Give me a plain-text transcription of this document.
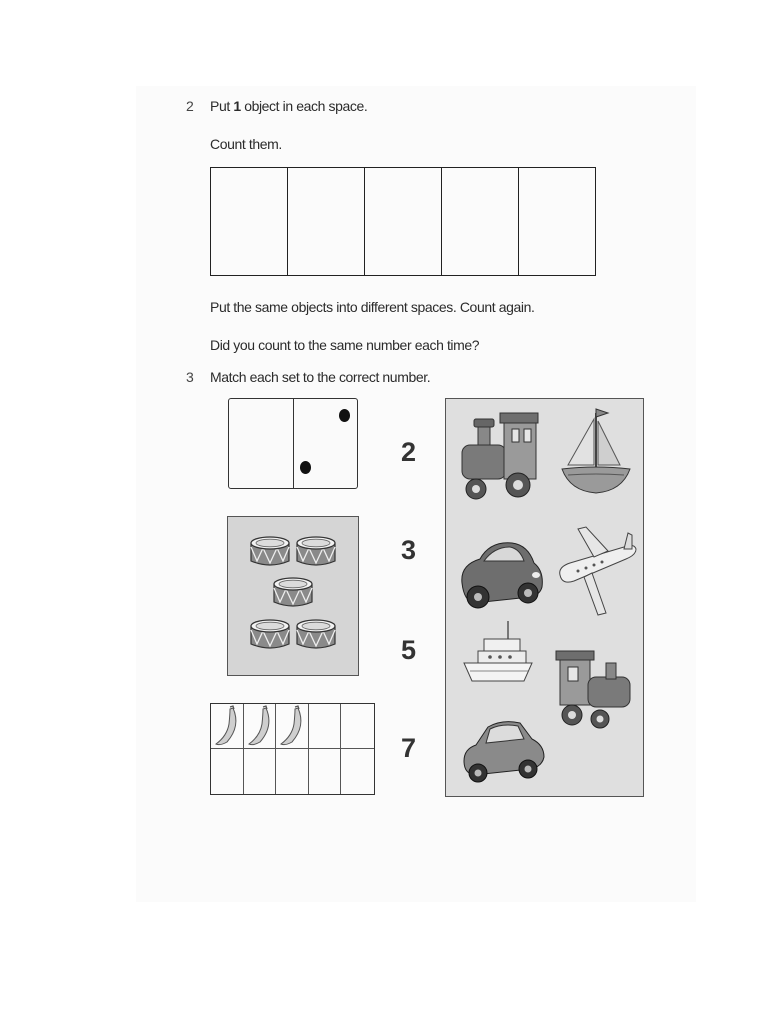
2 Put 1 object in each space.
Count them.
Put the same objects into different spaces. Count again.
Did you count to the same number each time?
3 Match each set to the correct number.
2
3
5
7
